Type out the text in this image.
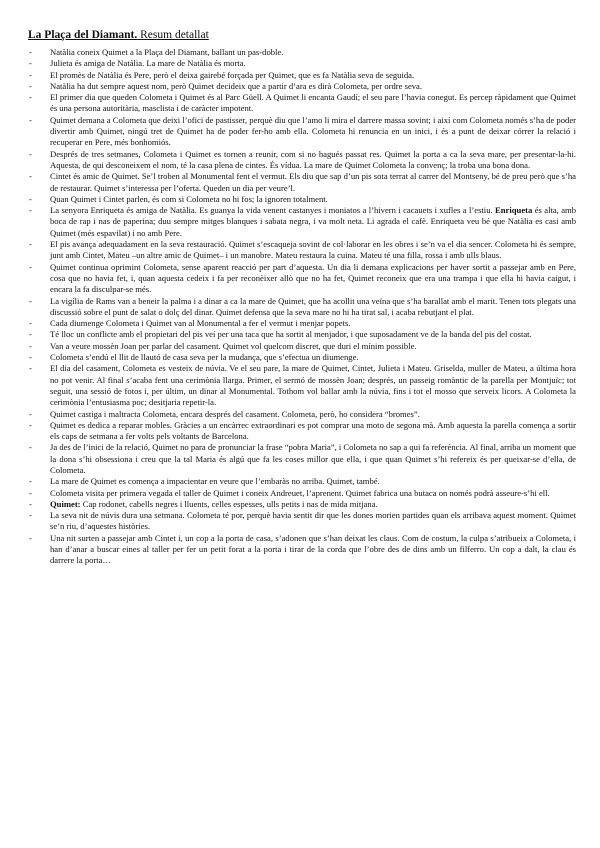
La Plaça del Diamant. Resum detallat
- Natàlia coneix Quimet a la Plaça del Diamant, ballant un pas-doble.
- Julieta és amiga de Natàlia. La mare de Natàlia és morta.
- El promès de Natàlia és Pere, però el deixa gairebé forçada per Quimet, que es fa Natàlia seva de seguida.
- Natàlia ha dut sempre aquest nom, però Quimet decideix que a partir d’ara es dirà Colometa, per ordre seva.
- El primer dia que queden Colometa i Quimet és al Parc Güell. A Quimet li encanta Gaudí; el seu pare l’havia conegut. Es percep ràpidament que Quimet és una persona autoritària, masclista i de caràcter impotent.
- Quimet demana a Colometa que deixi l’ofici de pastisser, perquè diu que l’amo li mira el darrere massa sovint; i així com Colometa només s’ha de poder divertir amb Quimet, ningú tret de Quimet ha de poder fer-ho amb ella. Colometa hi renuncia en un inici, i és a punt de deixar córrer la relació i recuperar en Pere, més bonhomiós.
- Després de tres setmanes, Colometa i Quimet es tornen a reunir, com si no hagués passat res. Quimet la porta a ca la seva mare, per presentar-la-hi. Aquesta, de qui desconeixem el nom, té la casa plena de cintes. És vídua. La mare de Quimet Colometa la convenç; la troba una bona dona.
- Cintet és amic de Quimet. Se’l troben al Monumental fent el vermut. Els diu que sap d’un pis sota terrat al carrer del Montseny, bé de preu però que s’ha de restaurar. Quimet s’interessa per l’oferta. Queden un dia per veure’l.
- Quan Quimet i Cintet parlen, és com si Colometa no hi fos; la ignoren totalment.
- La senyora Enriqueta és amiga de Natàlia. Es guanya la vida venent castanyes i moniatos a l’hivern i cacauets i xufles a l’estiu. Enriqueta és alta, amb boca de rap i nas de paperina; duu sempre mitges blanques i sabata negra, i va molt neta. Li agrada el cafè. Enriqueta veu bé que Natàlia es casi amb Quimet (més espavilat) i no amb Pere.
- El pis avança adequadament en la seva restauració. Quimet s’escaqueja sovint de col·laborar en les obres i se’n va el dia sencer. Colometa hi és sempre, junt amb Cintet, Mateu –un altre amic de Quimet– i un manobre. Mateu restaura la cuina. Mateu té una filla, rossa i amb ulls blaus.
- Quimet continua oprimint Colometa, sense aparent reacció per part d’aquesta. Un dia li demana explicacions per haver sortit a passejar amb en Pere, cosa que no havia fet, i, quan aquesta cedeix i fa per reconèixer allò que no ha fet, Quimet reconeix que era una trampa i que ella hi havia caigut, i encara la fa disculpar-se més.
- La vigília de Rams van a beneir la palma i a dinar a ca la mare de Quimet, que ha acollit una veïna que s’ha barallat amb el marit. Tenen tots plegats una discussió sobre el punt de salat o dolç del dinar. Quimet defensa que la seva mare no hi ha tirat sal, i acaba rebutjant el plat.
- Cada diumenge Colometa i Quimet van al Monumental a fer el vermut i menjar popets.
- Té lloc un conflicte amb el propietari del pis veí per una taca que ha sortit al menjador, i que suposadament ve de la banda del pis del costat.
- Van a veure mossèn Joan per parlar del casament. Quimet vol quelcom discret, que duri el mínim possible.
- Colometa s’endú el llit de llautó de casa seva per la mudança, que s’efectua un diumenge.
- El dia del casament, Colometa es vesteix de núvia. Ve el seu pare, la mare de Quimet, Cintet, Julieta i Mateu. Griselda, muller de Mateu, a última hora no pot venir. Al final s’acaba fent una cerimònia llarga. Primer, el sermó de mossèn Joan; després, un passeig romàntic de la parella per Montjuïc; tot seguit, una sessió de fotos i, per últim, un dinar al Monumental. Tothom vol ballar amb la núvia, fins i tot el mosso que serveix licors. A Colometa la cerimònia l’entusiasma poc; desitjaria repetir-la.
- Quimet castiga i maltracta Colometa, encara després del casament. Colometa, però, ho considera “bromes”.
- Quimet es dedica a reparar mobles. Gràcies a un encàrrec extraordinari es pot comprar una moto de segona mà. Amb aquesta la parella comença a sortir els caps de setmana a fer volts pels voltants de Barcelona.
- Ja des de l’inici de la relació, Quimet no para de pronunciar la frase “pobra Maria”, i Colometa no sap a qui fa referència. Al final, arriba un moment que la dona s’hi obsessiona i creu que la tal Maria és algú que fa les coses millor que ella, i que quan Quimet s’hi refereix és per queixar-se d’ella, de Colometa.
- La mare de Quimet es comença a impacientar en veure que l’embaràs no arriba. Quimet, també.
- Colometa visita per primera vegada el taller de Quimet i coneix Andreuet, l’aprenent. Quimet fabrica una butaca on només podrà asseure-s’hi ell.
- Quimet: Cap rodonet, cabells negres i lluents, celles espesses, ulls petits i nas de mida mitjana.
- La seva nit de núvis dura una setmana. Colometa té por, perquè havia sentit dir que les dones morien partides quan els arribava aquest moment. Quimet se’n riu, d’aquestes històries.
- Una nit surten a passejar amb Cintet i, un cop a la porta de casa, s’adonen que s’han deixat les claus. Com de costum, la culpa s’atribueix a Colometa, i han d’anar a buscar eines al taller per fer un petit forat a la porta i tirar de la corda que l’obre des de dins amb un filferro. Un cop a dalt, la clau és darrere la porta…
